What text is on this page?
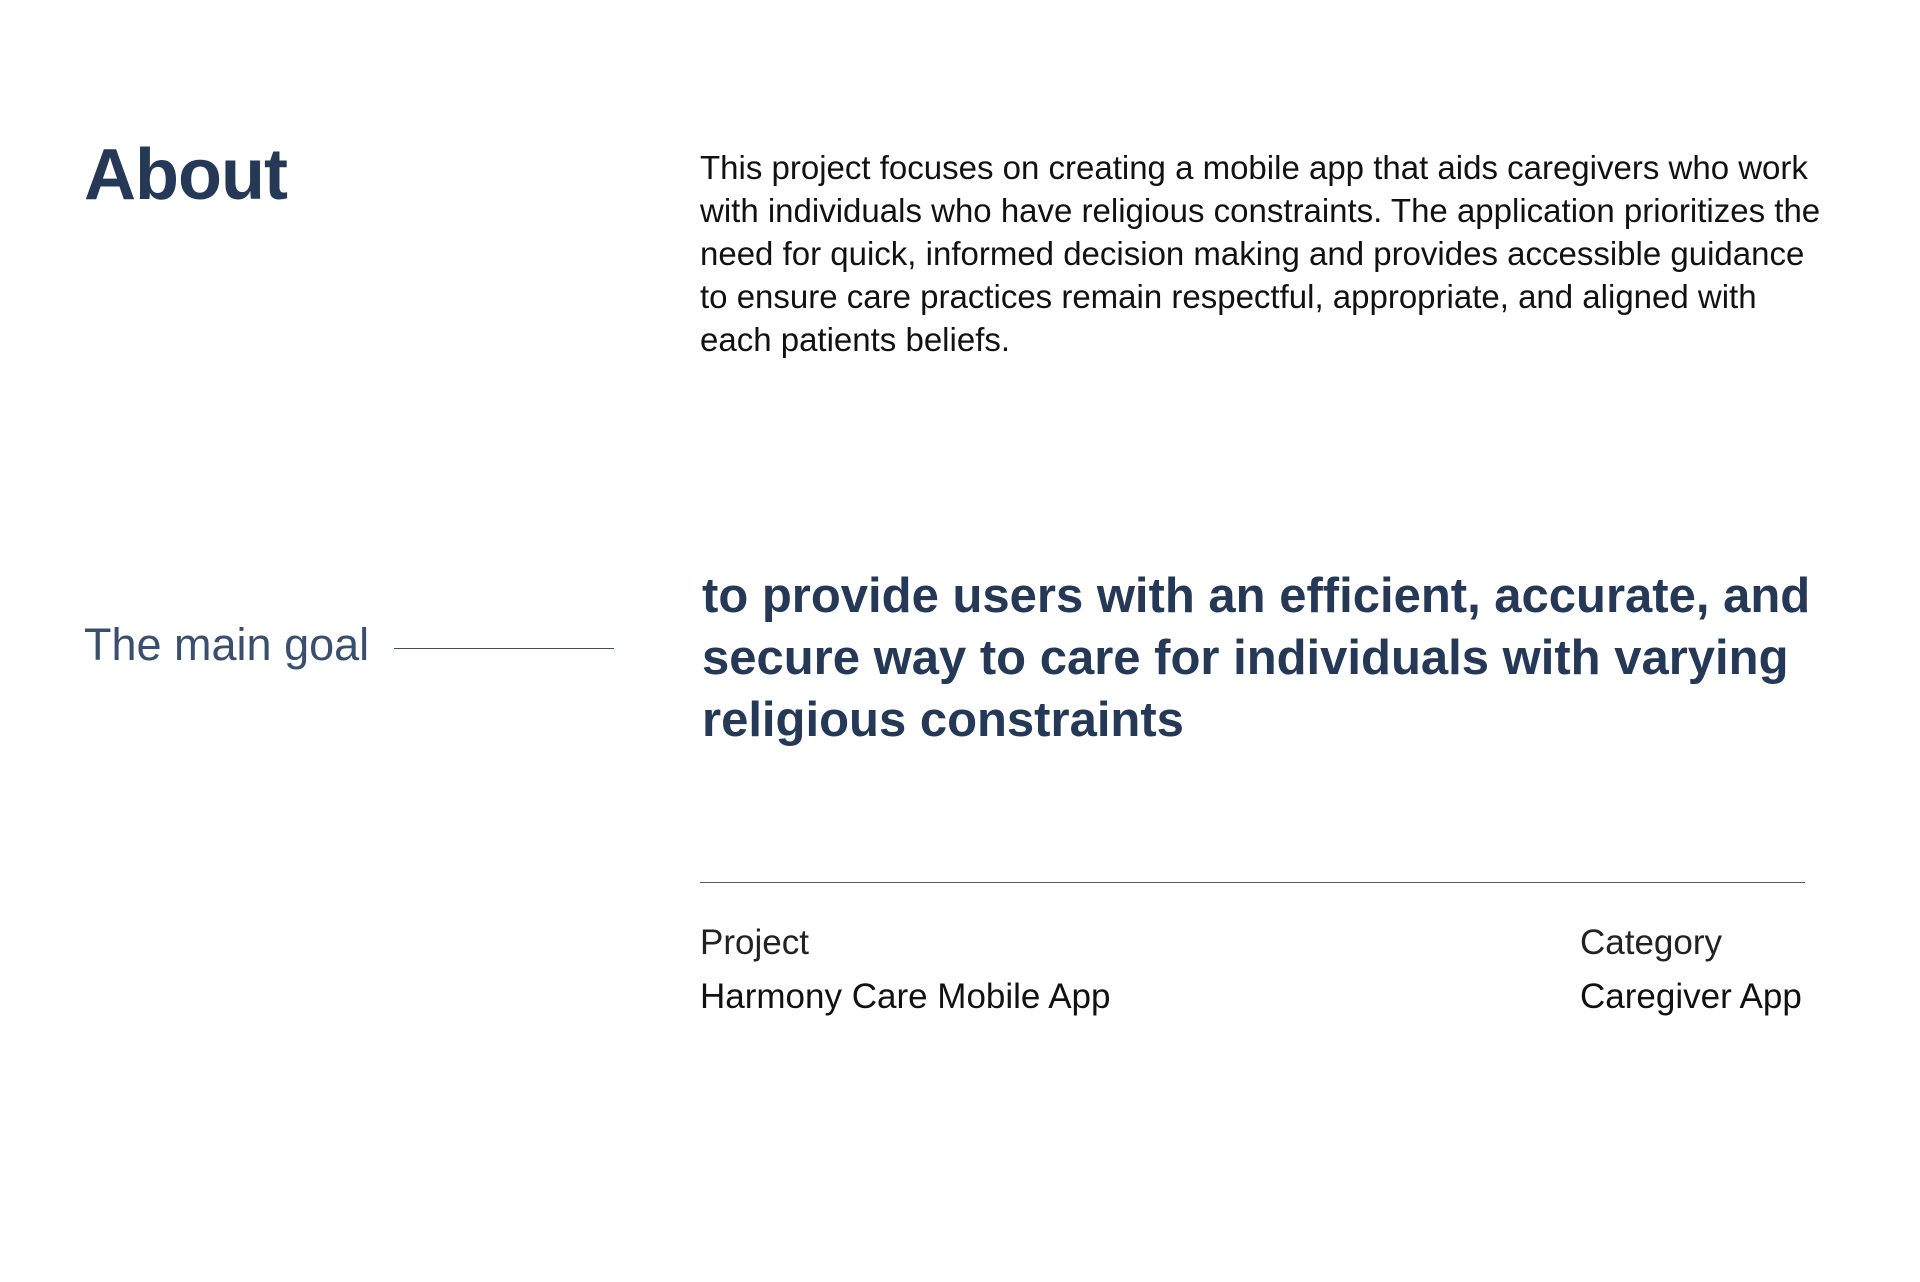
About	This project focuses on creating a mobile app that aids caregivers who work with individuals who have religious constraints. The application prioritizes the need for quick, informed decision making and provides accessible guidance to ensure care practices remain respectful, appropriate, and aligned with each patients beliefs.

The main goal

to provide users with an efficient, accurate, and secure way to care for individuals with varying religious constraints

Project
Harmony Care Mobile App
Category
Caregiver App
